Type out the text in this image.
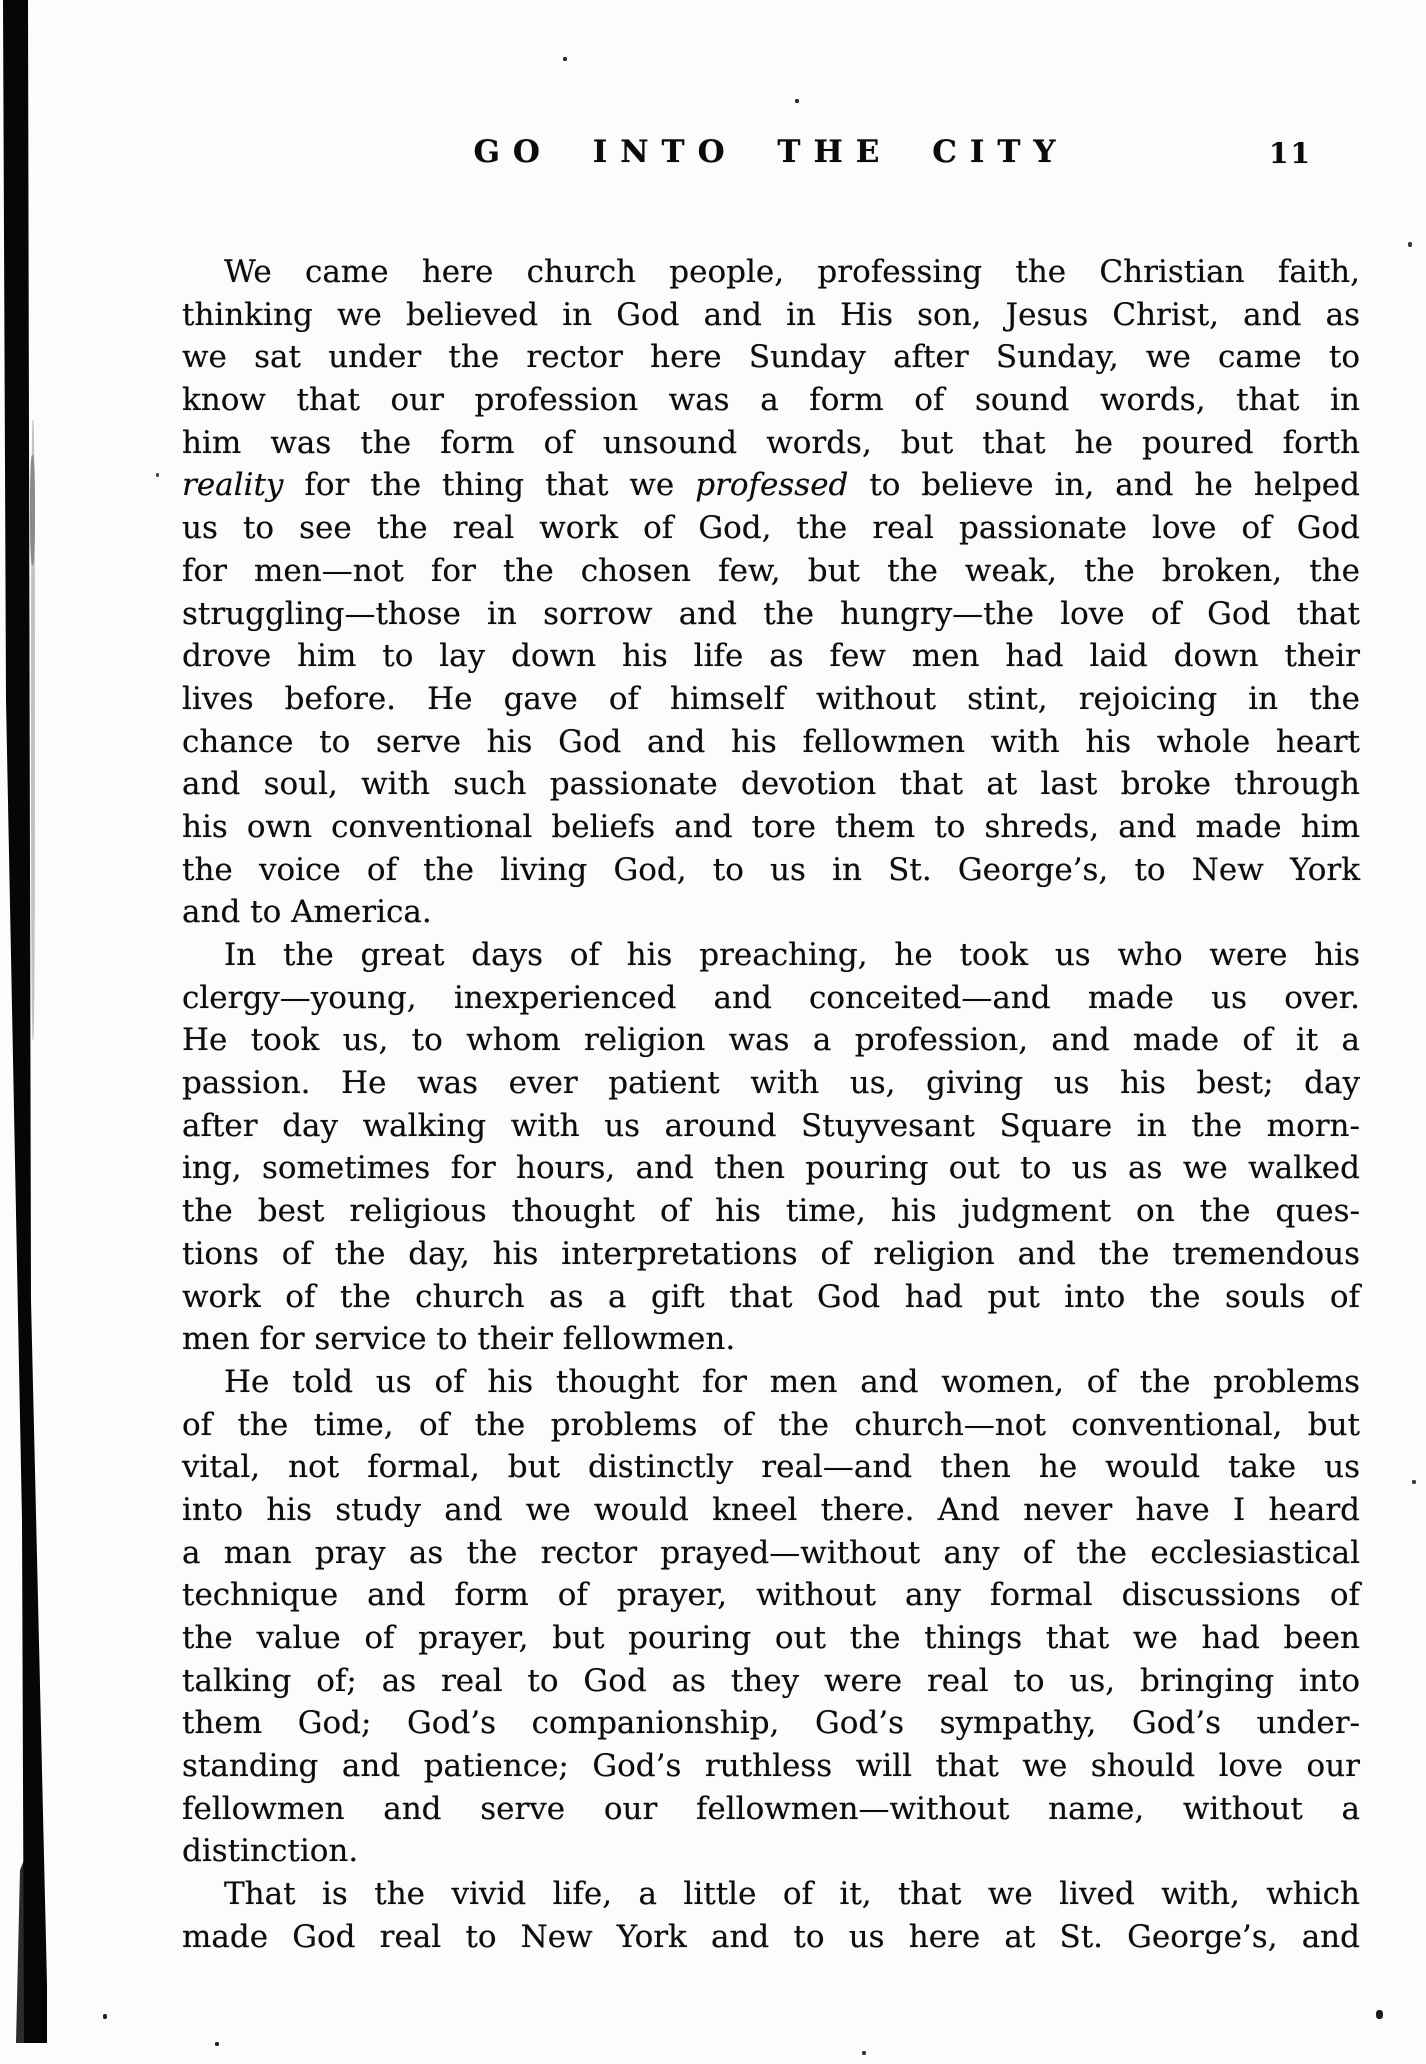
GO INTO THE CITY	11
We came here church people, professing the Christian faith,
thinking we believed in God and in His son, Jesus Christ, and as
we sat under the rector here Sunday after Sunday, we came to
know that our profession was a form of sound words, that in
him was the form of unsound words, but that he poured forth
reality for the thing that we professed to believe in, and he helped
us to see the real work of God, the real passionate love of God
for men—not for the chosen few, but the weak, the broken, the
struggling—those in sorrow and the hungry—the love of God that
drove him to lay down his life as few men had laid down their
lives before. He gave of himself without stint, rejoicing in the
chance to serve his God and his fellowmen with his whole heart
and soul, with such passionate devotion that at last broke through
his own conventional beliefs and tore them to shreds, and made him
the voice of the living God, to us in St. George’s, to New York
and to America.
In the great days of his preaching, he took us who were his
clergy—young, inexperienced and conceited—and made us over.
He took us, to whom religion was a profession, and made of it a
passion. He was ever patient with us, giving us his best; day
after day walking with us around Stuyvesant Square in the morn-
ing, sometimes for hours, and then pouring out to us as we walked
the best religious thought of his time, his judgment on the ques-
tions of the day, his interpretations of religion and the tremendous
work of the church as a gift that God had put into the souls of
men for service to their fellowmen.
He told us of his thought for men and women, of the problems
of the time, of the problems of the church—not conventional, but
vital, not formal, but distinctly real—and then he would take us
into his study and we would kneel there. And never have I heard
a man pray as the rector prayed—without any of the ecclesiastical
technique and form of prayer, without any formal discussions of
the value of prayer, but pouring out the things that we had been
talking of; as real to God as they were real to us, bringing into
them God; God’s companionship, God’s sympathy, God’s under-
standing and patience; God’s ruthless will that we should love our
fellowmen and serve our fellowmen—without name, without a
distinction.
That is the vivid life, a little of it, that we lived with, which
made God real to New York and to us here at St. George’s, and
